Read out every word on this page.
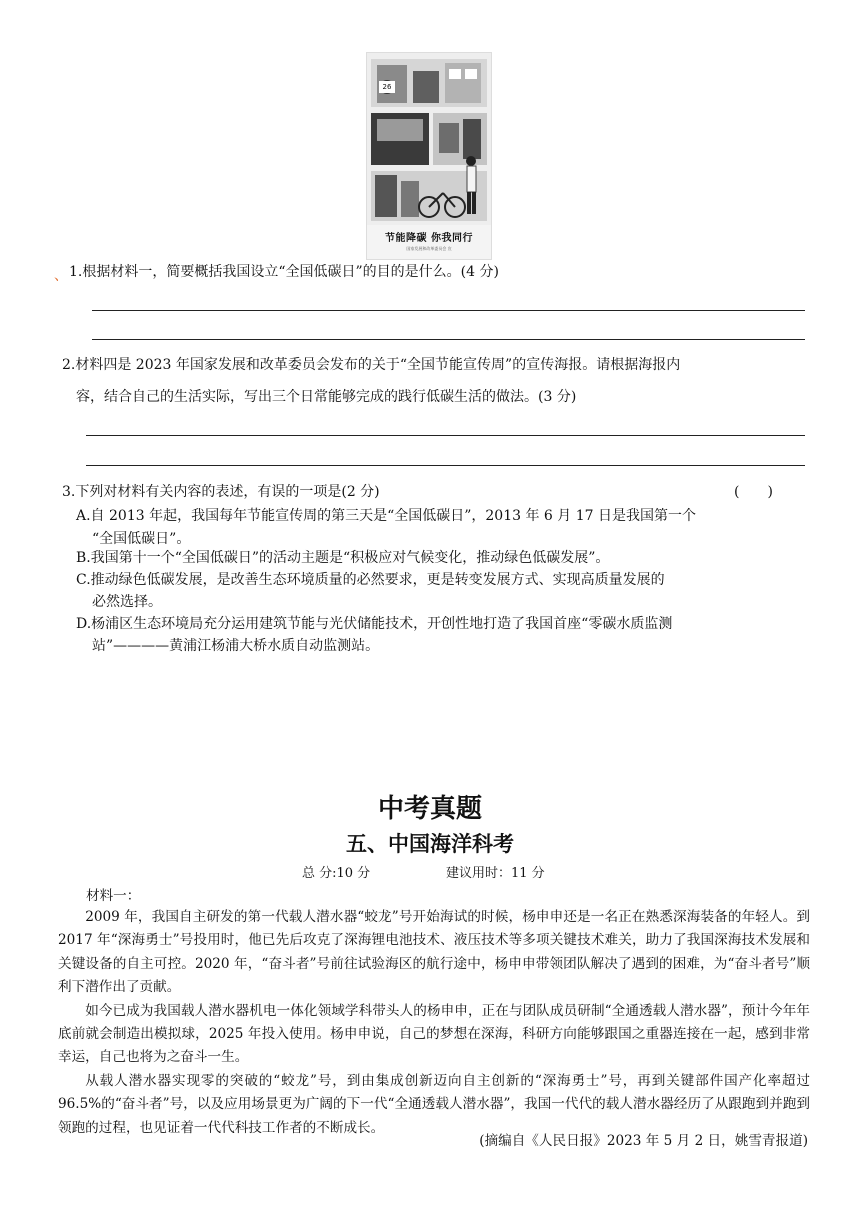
26
节能降碳 你我同行
国家发展和改革委员会 宣
、 1.根据材料一，简要概括我国设立“全国低碳日”的目的是什么。(4 分)
2.材料四是 2023 年国家发展和改革委员会发布的关于“全国节能宣传周”的宣传海报。请根据海报内
容，结合自己的生活实际，写出三个日常能够完成的践行低碳生活的做法。(3 分)
3.下列对材料有关内容的表述，有误的一项是(2 分)	(　　)
A.自 2013 年起，我国每年节能宣传周的第三天是“全国低碳日”，2013 年 6 月 17 日是我国第一个
“全国低碳日”。
B.我国第十一个“全国低碳日”的活动主题是“积极应对气候变化，推动绿色低碳发展”。
C.推动绿色低碳发展，是改善生态环境质量的必然要求，更是转变发展方式、实现高质量发展的
必然选择。
D.杨浦区生态环境局充分运用建筑节能与光伏储能技术，开创性地打造了我国首座“零碳水质监测
站”————黄浦江杨浦大桥水质自动监测站。
中考真题
五、中国海洋科考
总 分:10 分	建议用时：11 分
材料一：

2009 年，我国自主研发的第一代载人潜水器“蛟龙”号开始海试的时候，杨申申还是一名正在熟悉深海装备的年轻人。到 2017 年“深海勇士”号投用时，他已先后攻克了深海锂电池技术、液压技术等多项关键技术难关，助力了我国深海技术发展和关键设备的自主可控。2020 年，“奋斗者”号前往试验海区的航行途中，杨申申带领团队解决了遇到的困难，为“奋斗者号”顺利下潜作出了贡献。

如今已成为我国载人潜水器机电一体化领域学科带头人的杨申申，正在与团队成员研制“全通透载人潜水器”，预计今年年底前就会制造出模拟球，2025 年投入使用。杨申申说，自己的梦想在深海，科研方向能够跟国之重器连接在一起，感到非常幸运，自己也将为之奋斗一生。

从载人潜水器实现零的突破的“蛟龙”号，到由集成创新迈向自主创新的“深海勇士”号，再到关键部件国产化率超过 96.5%的“奋斗者”号，以及应用场景更为广阔的下一代“全通透载人潜水器”，我国一代代的载人潜水器经历了从跟跑到并跑到领跑的过程，也见证着一代代科技工作者的不断成长。

(摘编自《人民日报》2023 年 5 月 2 日，姚雪青报道)
